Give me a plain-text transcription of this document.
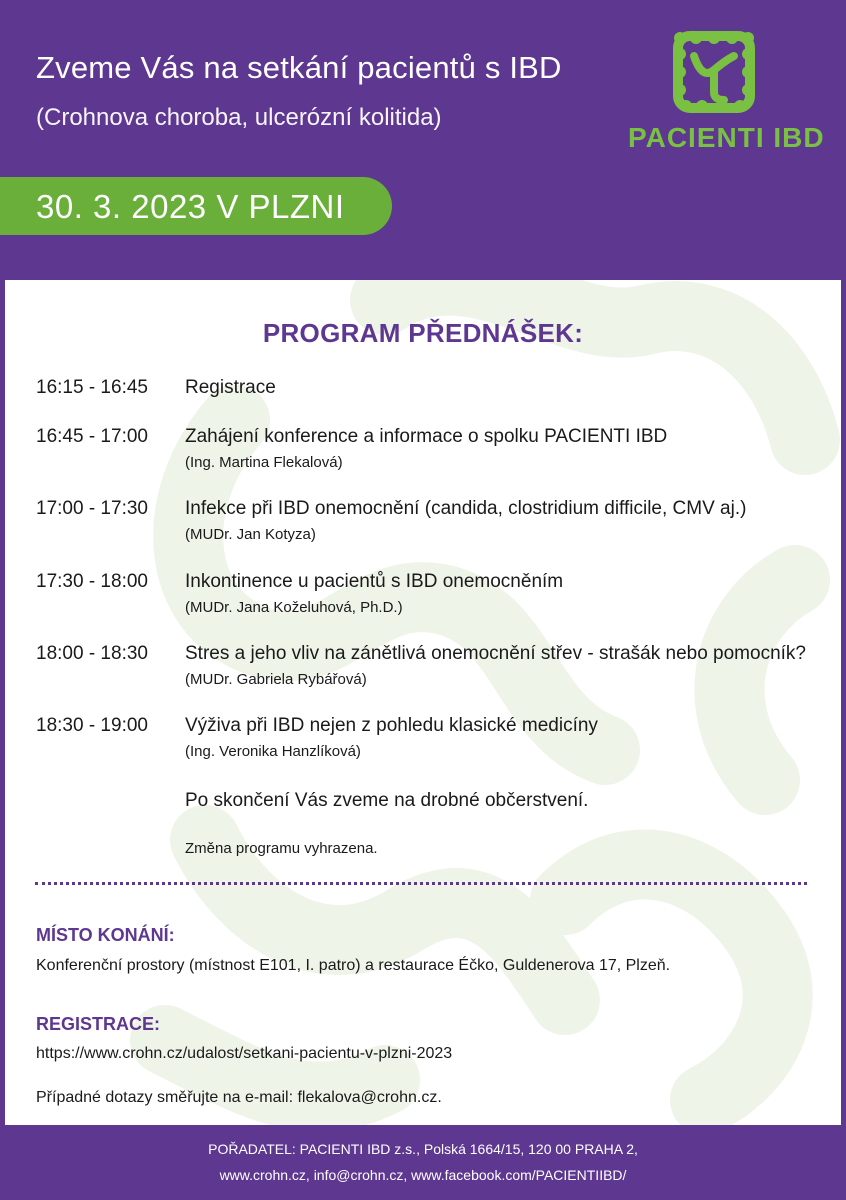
Zveme Vás na setkání pacientů s IBD
(Crohnova choroba, ulcerózní kolitida)
30. 3. 2023 V PLZNI
PACIENTI IBD
PROGRAM PŘEDNÁŠEK:
16:15 - 16:45 Registrace
16:45 - 17:00 Zahájení konference a informace o spolku PACIENTI IBD
(Ing. Martina Flekalová)
17:00 - 17:30 Infekce při IBD onemocnění (candida, clostridium difficile, CMV aj.)
(MUDr. Jan Kotyza)
17:30 - 18:00 Inkontinence u pacientů s IBD onemocněním
(MUDr. Jana Koželuhová, Ph.D.)
18:00 - 18:30 Stres a jeho vliv na zánětlivá onemocnění střev - strašák nebo pomocník?
(MUDr. Gabriela Rybářová)
18:30 - 19:00 Výživa při IBD nejen z pohledu klasické medicíny
(Ing. Veronika Hanzlíková)
Po skončení Vás zveme na drobné občerstvení.
Změna programu vyhrazena.
MÍSTO KONÁNÍ:
Konferenční prostory (místnost E101, I. patro) a restaurace Éčko, Guldenerova 17, Plzeň.
REGISTRACE:
https://www.crohn.cz/udalost/setkani-pacientu-v-plzni-2023
Případné dotazy směřujte na e-mail: flekalova@crohn.cz.
POŘADATEL: PACIENTI IBD z.s., Polská 1664/15, 120 00 PRAHA 2,
www.crohn.cz, info@crohn.cz, www.facebook.com/PACIENTIIBD/
